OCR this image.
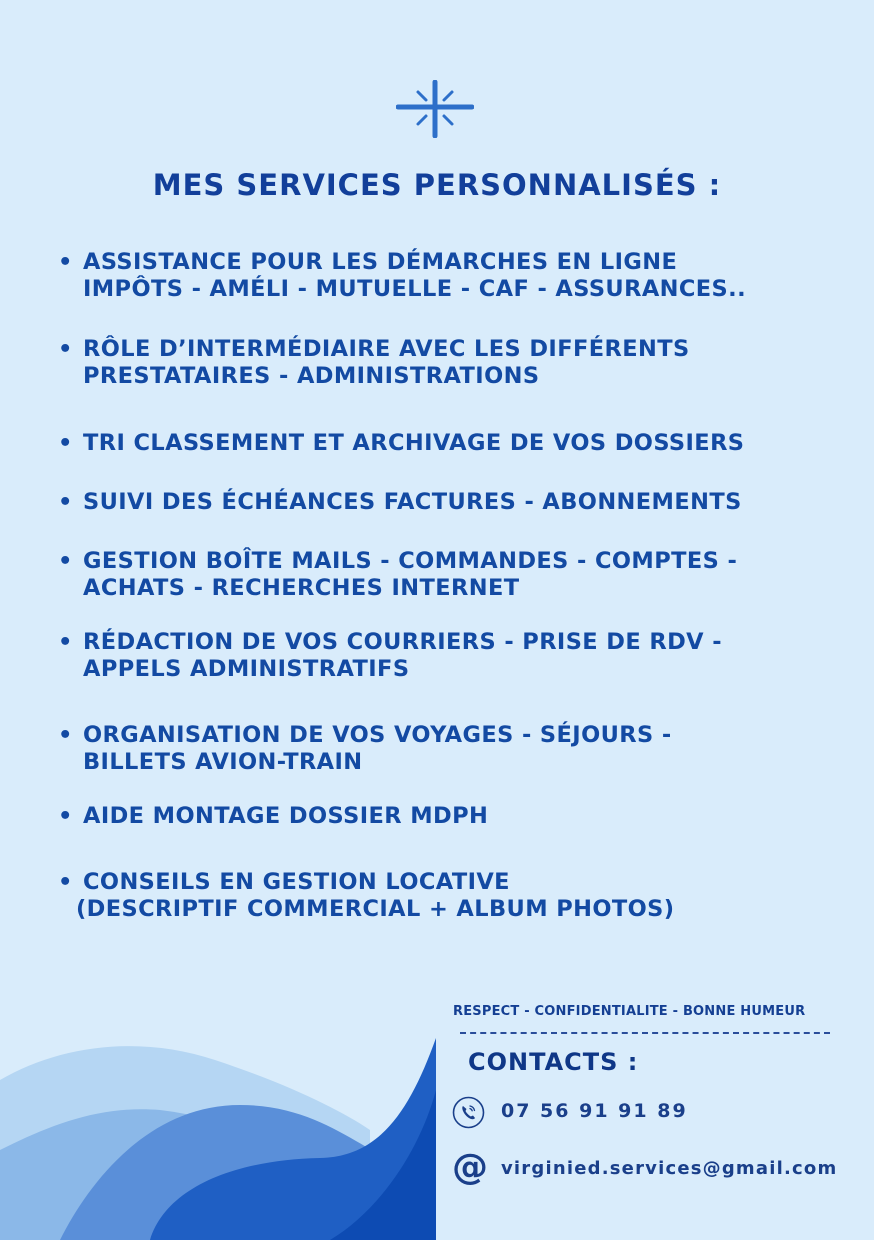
MES SERVICES PERSONNALISÉS :
• ASSISTANCE POUR LES DÉMARCHES EN LIGNE
IMPÔTS - AMÉLI - MUTUELLE - CAF - ASSURANCES..
• RÔLE D’INTERMÉDIAIRE AVEC LES DIFFÉRENTS
PRESTATAIRES - ADMINISTRATIONS
• TRI CLASSEMENT ET ARCHIVAGE DE VOS DOSSIERS
• SUIVI DES ÉCHÉANCES FACTURES - ABONNEMENTS
• GESTION BOÎTE MAILS - COMMANDES - COMPTES -
ACHATS - RECHERCHES INTERNET
• RÉDACTION DE VOS COURRIERS - PRISE DE RDV -
APPELS ADMINISTRATIFS
• ORGANISATION DE VOS VOYAGES - SÉJOURS -
BILLETS AVION-TRAIN
• AIDE MONTAGE DOSSIER MDPH
• CONSEILS EN GESTION LOCATIVE
(DESCRIPTIF COMMERCIAL + ALBUM PHOTOS)
RESPECT - CONFIDENTIALITE - BONNE HUMEUR
CONTACTS :
07 56 91 91 89
@ virginied.services@gmail.com
